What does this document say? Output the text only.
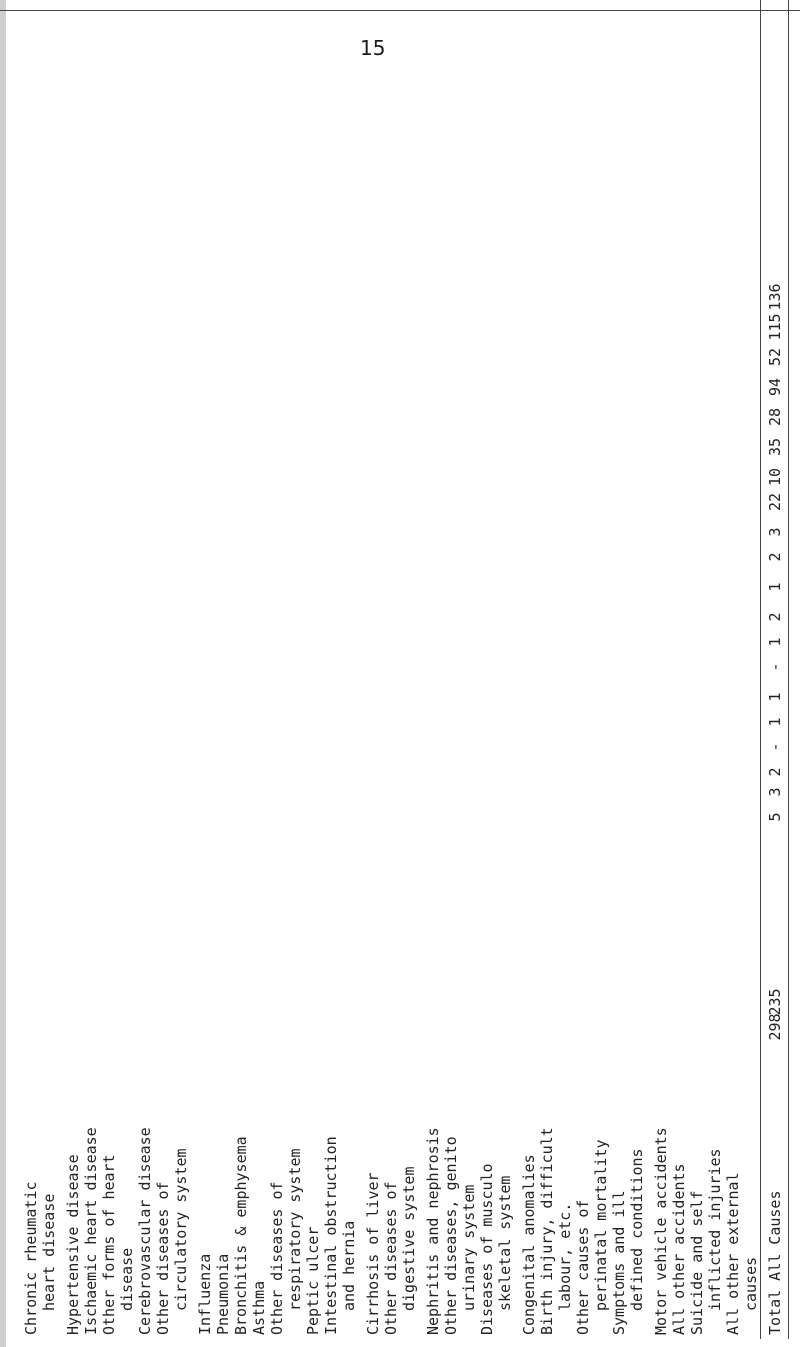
15
Chronic rheumatic heart disease Hypertensive disease Ischaemic heart disease Other forms of heart disease Cerebrovascular disease Other diseases of circulatory system Influenza Pneumonia Bronchitis & emphysema Asthma Other diseases of respiratory system Peptic ulcer Intestinal obstruction and hernia Cirrhosis of liver Other diseases of digestive system Nephritis and nephrosis Other diseases, genito urinary system Diseases of musculo skeletal system Congenital anomalies Birth injury, difficult labour, etc. Other causes of perinatal mortality Symptoms and ill defined conditions Motor vehicle accidents All other accidents Suicide and self inflicted injuries All other external causes Total All Causes
298
235
5
3
2
-
1
1
-
1
2
1
2
3
22
10
35
28
94
52
115
136
